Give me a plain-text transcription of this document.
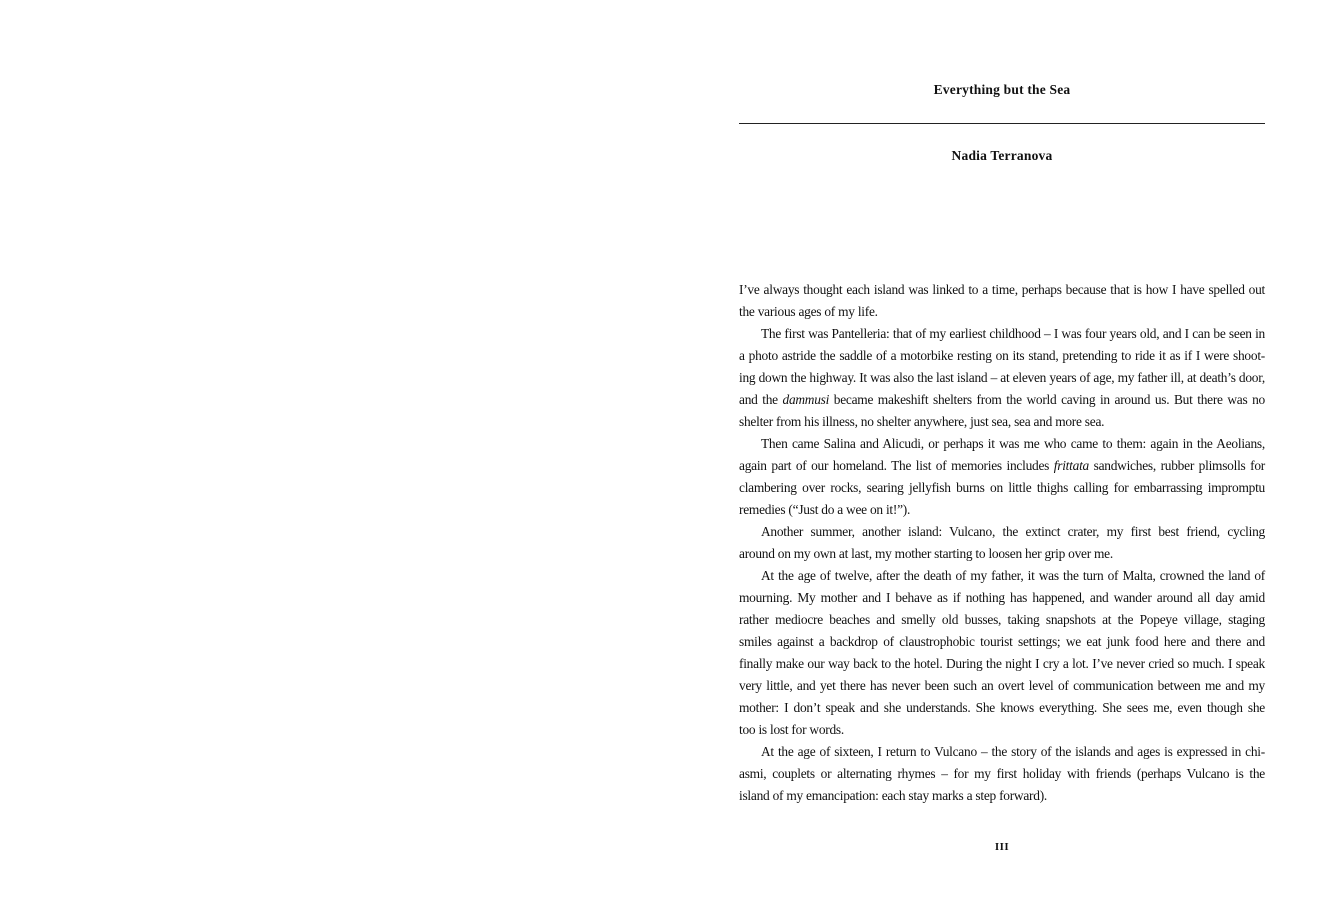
Everything but the Sea
Nadia Terranova
I’ve always thought each island was linked to a time, perhaps because that is how I have spelled out
the various ages of my life.
The first was Pantelleria: that of my earliest childhood – I was four years old, and I can be seen in
a photo astride the saddle of a motorbike resting on its stand, pretending to ride it as if I were shoot-
ing down the highway. It was also the last island – at eleven years of age, my father ill, at death’s door,
and the dammusi became makeshift shelters from the world caving in around us. But there was no
shelter from his illness, no shelter anywhere, just sea, sea and more sea.
Then came Salina and Alicudi, or perhaps it was me who came to them: again in the Aeolians,
again part of our homeland. The list of memories includes frittata sandwiches, rubber plimsolls for
clambering over rocks, searing jellyfish burns on little thighs calling for embarrassing impromptu
remedies (“Just do a wee on it!”).
Another summer, another island: Vulcano, the extinct crater, my first best friend, cycling
around on my own at last, my mother starting to loosen her grip over me.
At the age of twelve, after the death of my father, it was the turn of Malta, crowned the land of
mourning. My mother and I behave as if nothing has happened, and wander around all day amid
rather mediocre beaches and smelly old busses, taking snapshots at the Popeye village, staging
smiles against a backdrop of claustrophobic tourist settings; we eat junk food here and there and
finally make our way back to the hotel. During the night I cry a lot. I’ve never cried so much. I speak
very little, and yet there has never been such an overt level of communication between me and my
mother: I don’t speak and she understands. She knows everything. She sees me, even though she
too is lost for words.
At the age of sixteen, I return to Vulcano – the story of the islands and ages is expressed in chi-
asmi, couplets or alternating rhymes – for my first holiday with friends (perhaps Vulcano is the
island of my emancipation: each stay marks a step forward).
III
